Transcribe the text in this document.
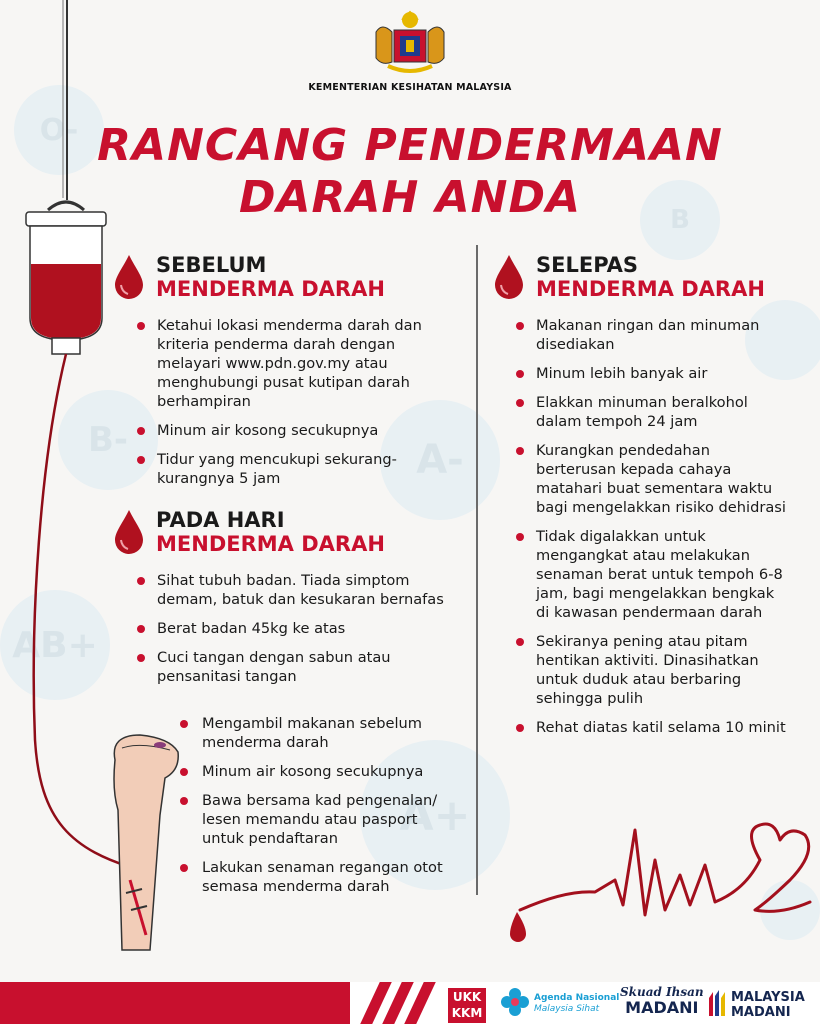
O-
B
B-	A-
AB+
A+
KEMENTERIAN KESIHATAN MALAYSIA
RANCANG PENDERMAAN
DARAH ANDA
SEBELUM
MENDERMA DARAH
Ketahui lokasi menderma darah dan kriteria penderma darah dengan melayari www.pdn.gov.my atau menghubungi pusat kutipan darah berhampiran
Minum air kosong secukupnya
Tidur yang mencukupi sekurang-kurangnya 5 jam
PADA HARI
MENDERMA DARAH
Sihat tubuh badan. Tiada simptom demam, batuk dan kesukaran bernafas
Berat badan 45kg ke atas
Cuci tangan dengan sabun atau pensanitasi tangan
Mengambil makanan sebelum menderma darah
Minum air kosong secukupnya
Bawa bersama kad pengenalan/ lesen memandu atau pasport untuk pendaftaran
Lakukan senaman regangan otot semasa menderma darah
SELEPAS
MENDERMA DARAH
Makanan ringan dan minuman disediakan
Minum lebih banyak air
Elakkan minuman beralkohol dalam tempoh 24 jam
Kurangkan pendedahan berterusan kepada cahaya matahari buat sementara waktu bagi mengelakkan risiko dehidrasi
Tidak digalakkan untuk mengangkat atau melakukan senaman berat untuk tempoh 6-8 jam, bagi mengelakkan bengkak di kawasan pendermaan darah
Sekiranya pening atau pitam hentikan aktiviti. Dinasihatkan untuk duduk atau berbaring sehingga pulih
Rehat diatas katil selama 10 minit
UKK
KKM
Agenda Nasional
Malaysia Sihat
Skuad Ihsan
MADANI
MALAYSIA
MADANI
